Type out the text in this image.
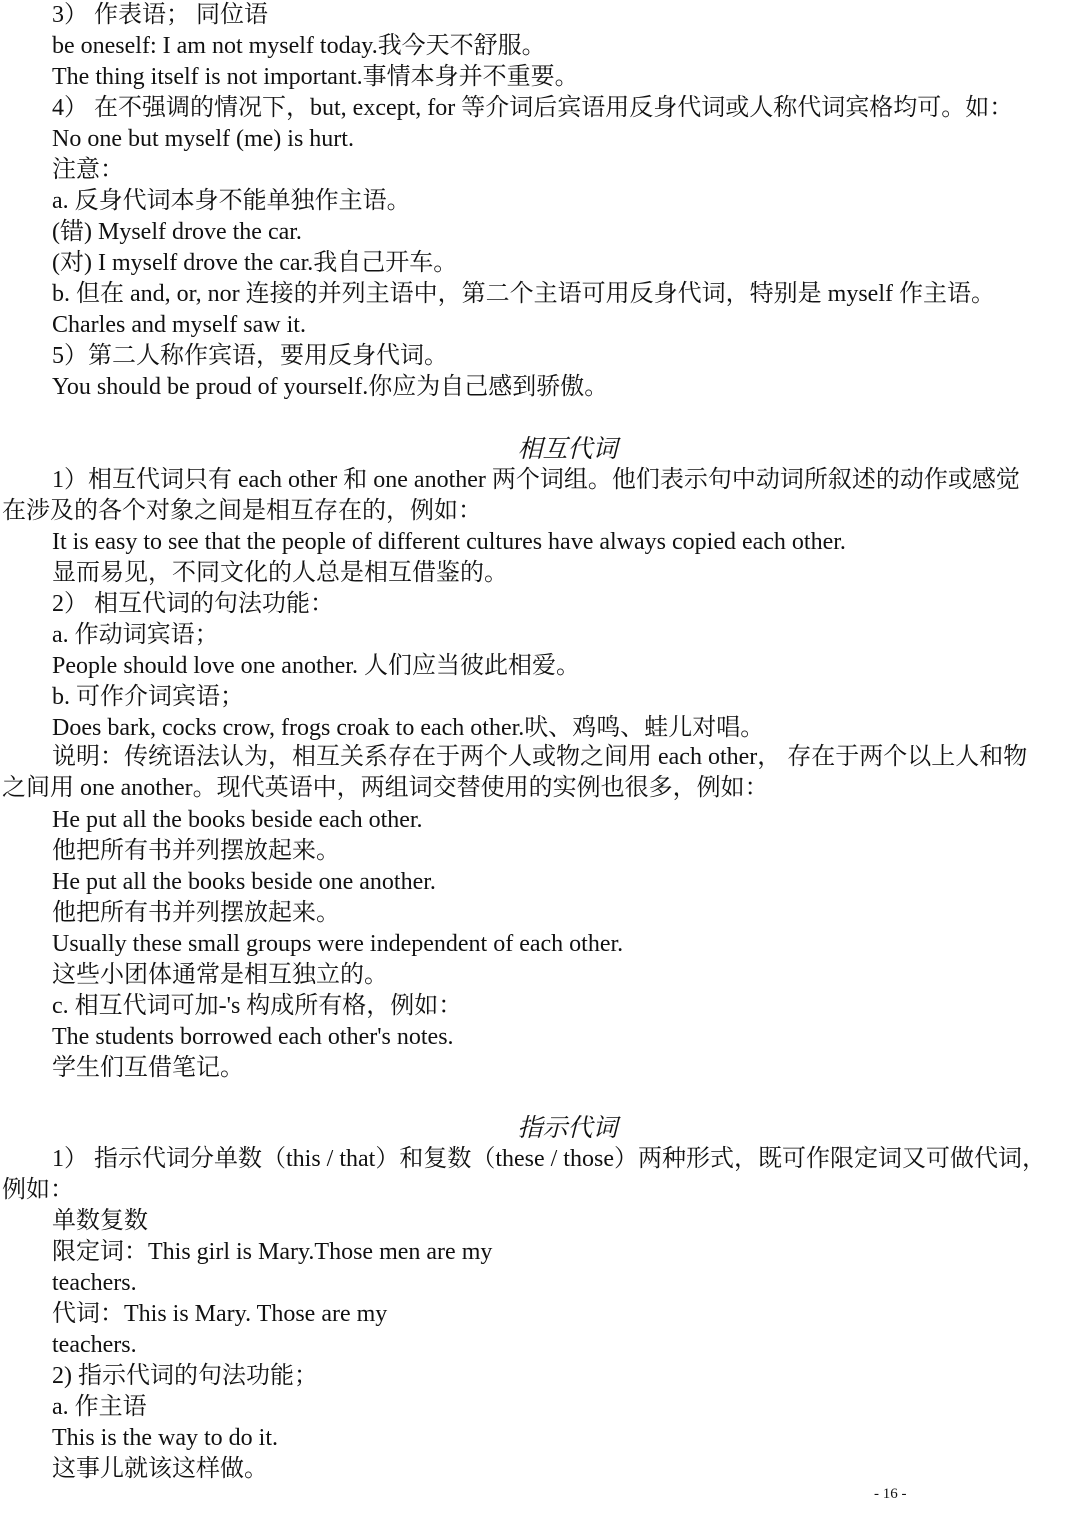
3） 作表语； 同位语
be oneself: I am not myself today.我今天不舒服。
The thing itself is not important.事情本身并不重要。
4） 在不强调的情况下，but, except, for 等介词后宾语用反身代词或人称代词宾格均可。如：
No one but myself (me) is hurt.
注意：
a. 反身代词本身不能单独作主语。
(错) Myself drove the car.
(对) I myself drove the car.我自己开车。
b. 但在 and, or, nor 连接的并列主语中，第二个主语可用反身代词，特别是 myself 作主语。
Charles and myself saw it.
5）第二人称作宾语，要用反身代词。
You should be proud of yourself.你应为自己感到骄傲。
相互代词
1）相互代词只有 each other 和 one another 两个词组。他们表示句中动词所叙述的动作或感觉
在涉及的各个对象之间是相互存在的，例如：
It is easy to see that the people of different cultures have always copied each other.
显而易见，不同文化的人总是相互借鉴的。
2） 相互代词的句法功能：
a. 作动词宾语；
People should love one another. 人们应当彼此相爱。
b. 可作介词宾语；
Does bark, cocks crow, frogs croak to each other.吠、鸡鸣、蛙儿对唱。
说明：传统语法认为，相互关系存在于两个人或物之间用 each other， 存在于两个以上人和物
之间用 one another。现代英语中，两组词交替使用的实例也很多，例如：
He put all the books beside each other.
他把所有书并列摆放起来。
He put all the books beside one another.
他把所有书并列摆放起来。
Usually these small groups were independent of each other.
这些小团体通常是相互独立的。
c. 相互代词可加-'s 构成所有格，例如：
The students borrowed each other's notes.
学生们互借笔记。
指示代词
1） 指示代词分单数（this / that）和复数（these / those）两种形式，既可作限定词又可做代词，
例如：
单数复数
限定词：This girl is Mary.Those men are my
teachers.
代词：This is Mary. Those are my
teachers.
2) 指示代词的句法功能；
a. 作主语
This is the way to do it.
这事儿就该这样做。
- 16 -
